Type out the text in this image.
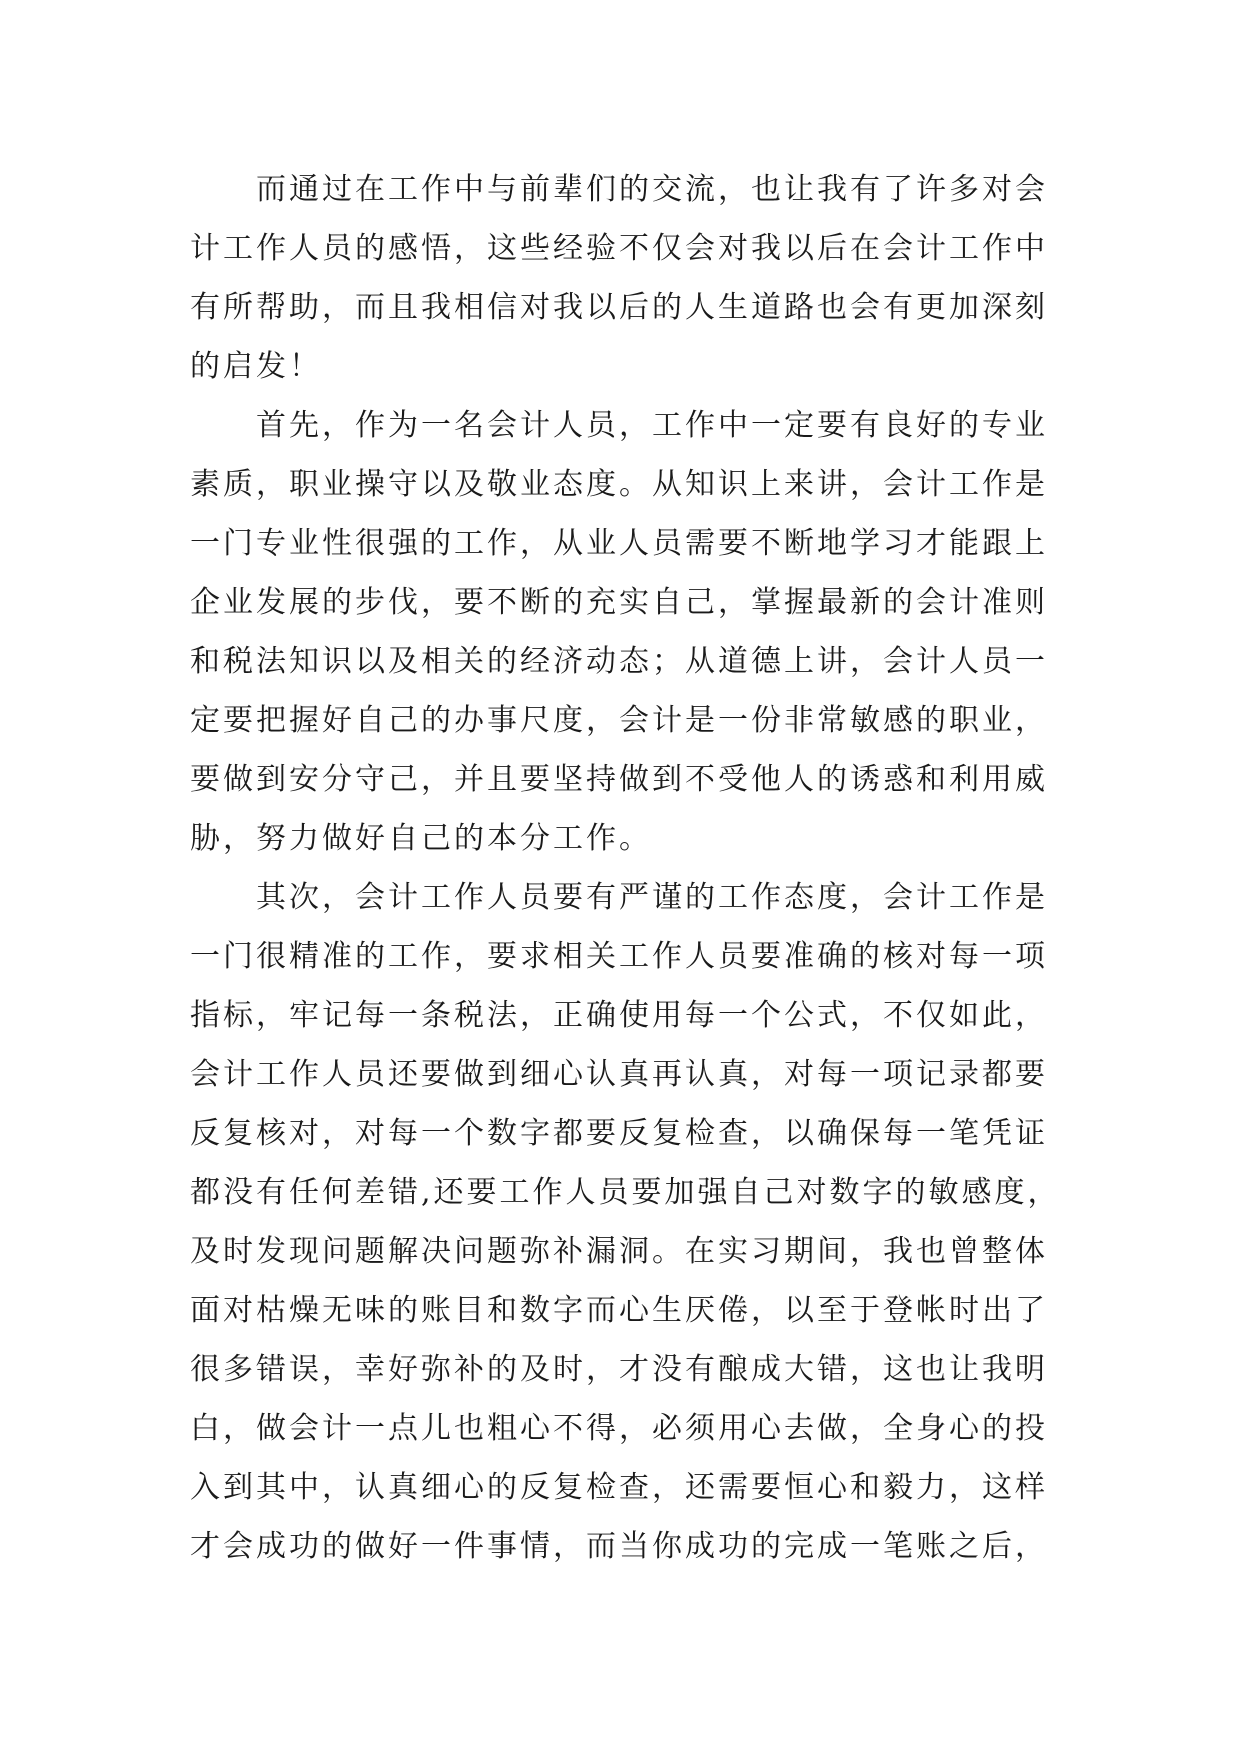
而通过在工作中与前辈们的交流，也让我有了许多对会
计工作人员的感悟，这些经验不仅会对我以后在会计工作中
有所帮助，而且我相信对我以后的人生道路也会有更加深刻
的启发！
首先，作为一名会计人员，工作中一定要有良好的专业
素质，职业操守以及敬业态度。从知识上来讲，会计工作是
一门专业性很强的工作，从业人员需要不断地学习才能跟上
企业发展的步伐，要不断的充实自己，掌握最新的会计准则
和税法知识以及相关的经济动态；从道德上讲，会计人员一
定要把握好自己的办事尺度，会计是一份非常敏感的职业，
要做到安分守己，并且要坚持做到不受他人的诱惑和利用威
胁，努力做好自己的本分工作。
其次，会计工作人员要有严谨的工作态度，会计工作是
一门很精准的工作，要求相关工作人员要准确的核对每一项
指标，牢记每一条税法，正确使用每一个公式，不仅如此，
会计工作人员还要做到细心认真再认真，对每一项记录都要
反复核对，对每一个数字都要反复检查，以确保每一笔凭证
都没有任何差错,还要工作人员要加强自己对数字的敏感度，
及时发现问题解决问题弥补漏洞。在实习期间，我也曾整体
面对枯燥无味的账目和数字而心生厌倦，以至于登帐时出了
很多错误，幸好弥补的及时，才没有酿成大错，这也让我明
白，做会计一点儿也粗心不得，必须用心去做，全身心的投
入到其中，认真细心的反复检查，还需要恒心和毅力，这样
才会成功的做好一件事情，而当你成功的完成一笔账之后，
